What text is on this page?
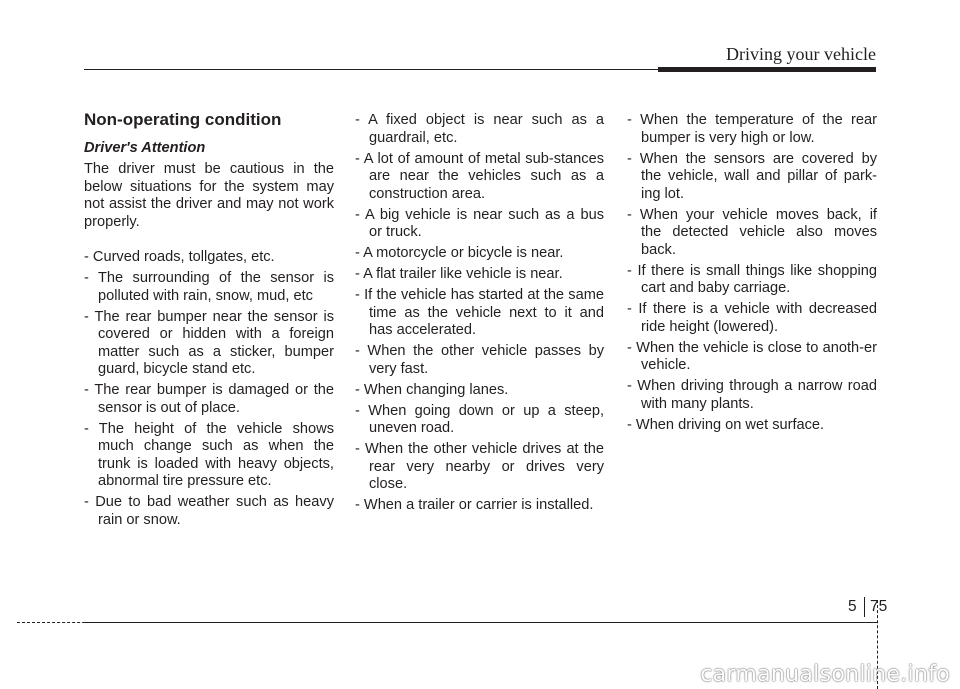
Driving your vehicle
Non-operating condition
Driver's Attention

The driver must be cautious in the below situations for the system may not assist the driver and may not work properly.

- Curved roads, tollgates, etc.
- The surrounding of the sensor is polluted with rain, snow, mud, etc
- The rear bumper near the sensor is covered or hidden with a foreign matter such as a sticker, bumper guard, bicycle stand etc.
- The rear bumper is damaged or the sensor is out of place.
- The height of the vehicle shows much change such as when the trunk is loaded with heavy objects, abnormal tire pressure etc.
- Due to bad weather such as heavy rain or snow.
- A fixed object is near such as a guardrail, etc.
- A lot of amount of metal sub-stances are near the vehicles such as a construction area.
- A big vehicle is near such as a bus or truck.
- A motorcycle or bicycle is near.
- A flat trailer like vehicle is near.
- If the vehicle has started at the same time as the vehicle next to it and has accelerated.
- When the other vehicle passes by very fast.
- When changing lanes.
- When going down or up a steep, uneven road.
- When the other vehicle drives at the rear very nearby or drives very close.
- When a trailer or carrier is installed.
- When the temperature of the rear bumper is very high or low.
- When the sensors are covered by the vehicle, wall and pillar of park-ing lot.
- When your vehicle moves back, if the detected vehicle also moves back.
- If there is small things like shopping cart and baby carriage.
- If there is a vehicle with decreased ride height (lowered).
- When the vehicle is close to anoth-er vehicle.
- When driving through a narrow road with many plants.
- When driving on wet surface.
5 75
carmanualsonline.info
